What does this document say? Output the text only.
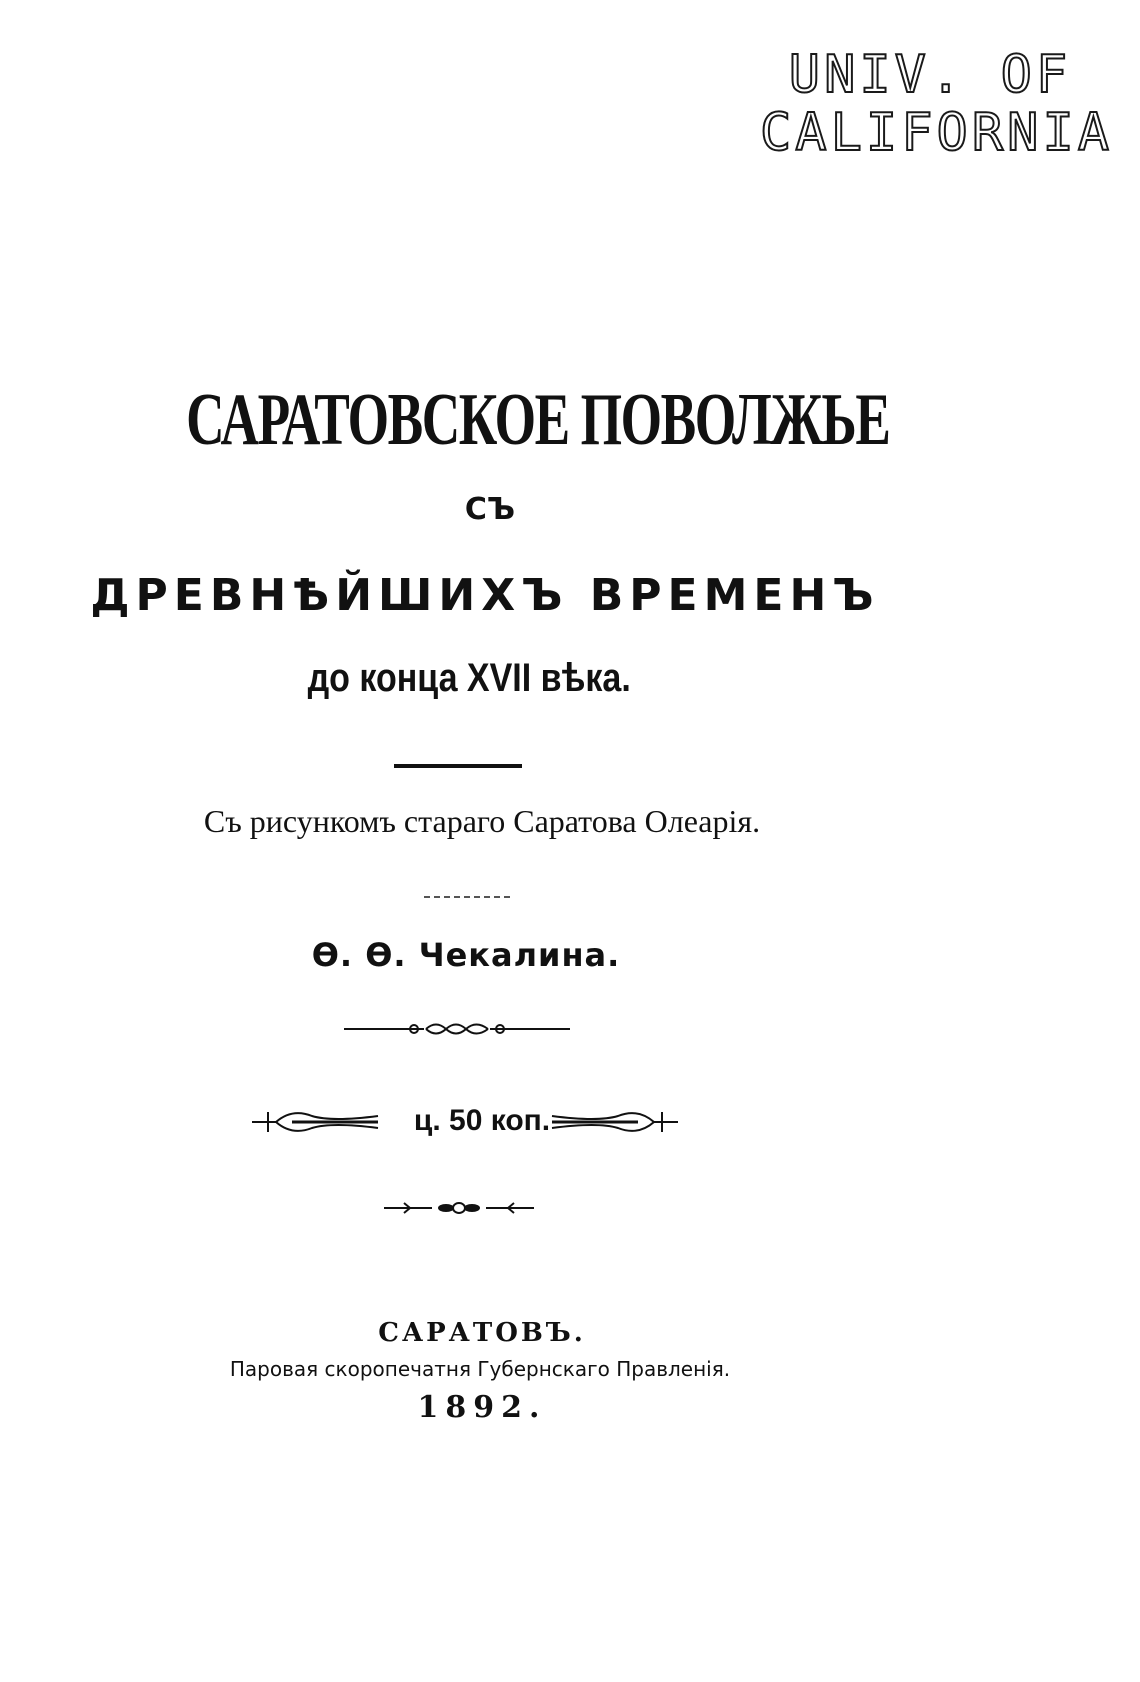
UNIV. OF
CALIFORNIA
САРАТОВСКОЕ ПОВОЛЖЬЕ
СЪ
ДРЕВНѢЙШИХЪ ВРЕМЕНЪ
до конца XVII вѣка.
Съ рисункомъ стараго Саратова Олеарія.
Ѳ. Ѳ. Чекалина.
ц. 50 коп.
САРАТОВЪ.
Паровая скоропечатня Губернскаго Правленія.
1892.
